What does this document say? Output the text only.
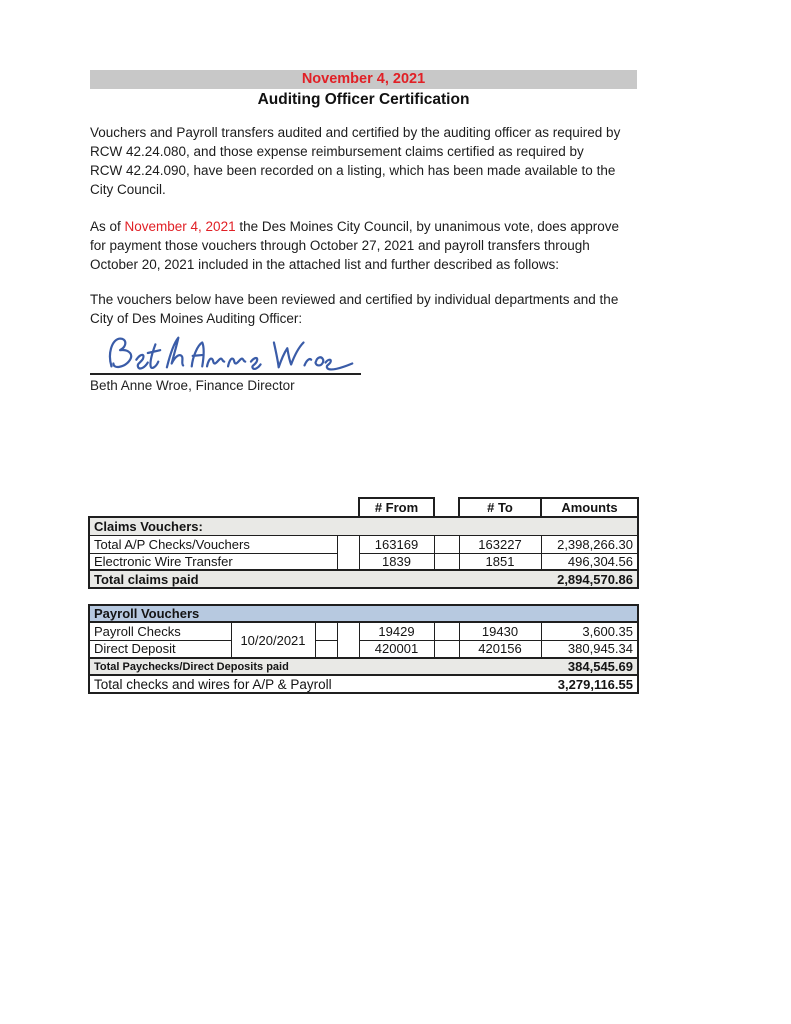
November 4, 2021
Auditing Officer Certification
Vouchers and Payroll transfers audited and certified by the auditing officer as required by
RCW 42.24.080, and those expense reimbursement claims certified as required by
RCW 42.24.090, have been recorded on a listing, which has been made available to the
City Council.
As of November 4, 2021 the Des Moines City Council, by unanimous vote, does approve
for payment those vouchers through October 27, 2021 and payroll transfers through
October 20, 2021 included in the attached list and further described as follows:
The vouchers below have been reviewed and certified by individual departments and the
City of Des Moines Auditing Officer:
Beth Anne Wroe, Finance Director
				# From		# To	Amounts
Claims Vouchers:							
Total A/P Checks/Vouchers				163169		163227	2,398,266.30
Electronic Wire Transfer				1839		1851	496,304.56

Total claims paid 2,894,570.86							

Payroll Vouchers							
Payroll Checks	10/20/2021			19429		19430	3,600.35
Direct Deposit				420001		420156	380,945.34

Total Paychecks/Direct Deposits paid 384,545.69							

Total checks and wires for A/P & Payroll 3,279,116.55							
